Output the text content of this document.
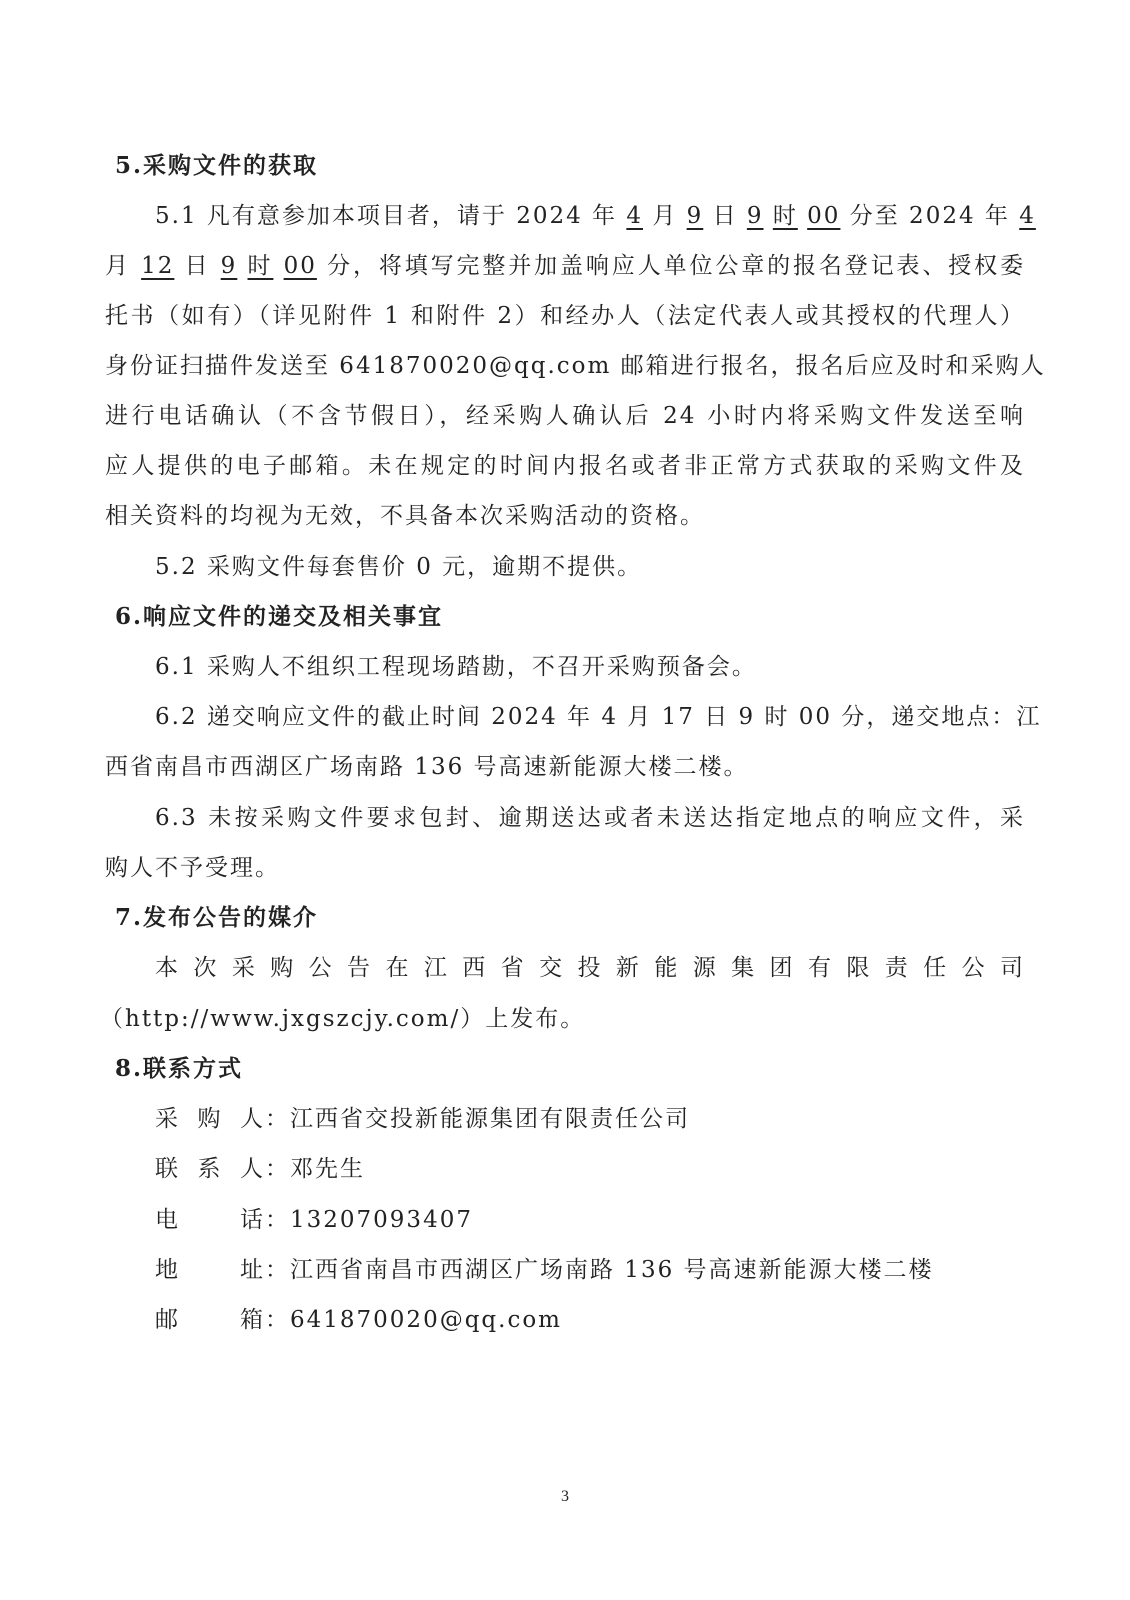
5.采购文件的获取
5.1 凡有意参加本项目者，请于 2024 年 4 月 9 日 9 时 00 分至 2024 年 4
月 12 日 9 时 00 分，将填写完整并加盖响应人单位公章的报名登记表、授权委
托书（如有）（详见附件 1 和附件 2）和经办人（法定代表人或其授权的代理人）
身份证扫描件发送至 641870020@qq.com 邮箱进行报名，报名后应及时和采购人
进行电话确认（不含节假日），经采购人确认后 24 小时内将采购文件发送至响
应人提供的电子邮箱。未在规定的时间内报名或者非正常方式获取的采购文件及
相关资料的均视为无效，不具备本次采购活动的资格。
5.2 采购文件每套售价 0 元，逾期不提供。
6.响应文件的递交及相关事宜
6.1 采购人不组织工程现场踏勘，不召开采购预备会。
6.2 递交响应文件的截止时间 2024 年 4 月 17 日 9 时 00 分，递交地点：江
西省南昌市西湖区广场南路 136 号高速新能源大楼二楼。
6.3 未按采购文件要求包封、逾期送达或者未送达指定地点的响应文件，采
购人不予受理。
7.发布公告的媒介
本次采购公告在江西省交投新能源集团有限责任公司
（http://www.jxgszcjy.com/）上发布。
8.联系方式
采 购 人：江西省交投新能源集团有限责任公司
联 系 人：邓先生
电 话：13207093407
地 址：江西省南昌市西湖区广场南路 136 号高速新能源大楼二楼
邮 箱：641870020@qq.com
3
